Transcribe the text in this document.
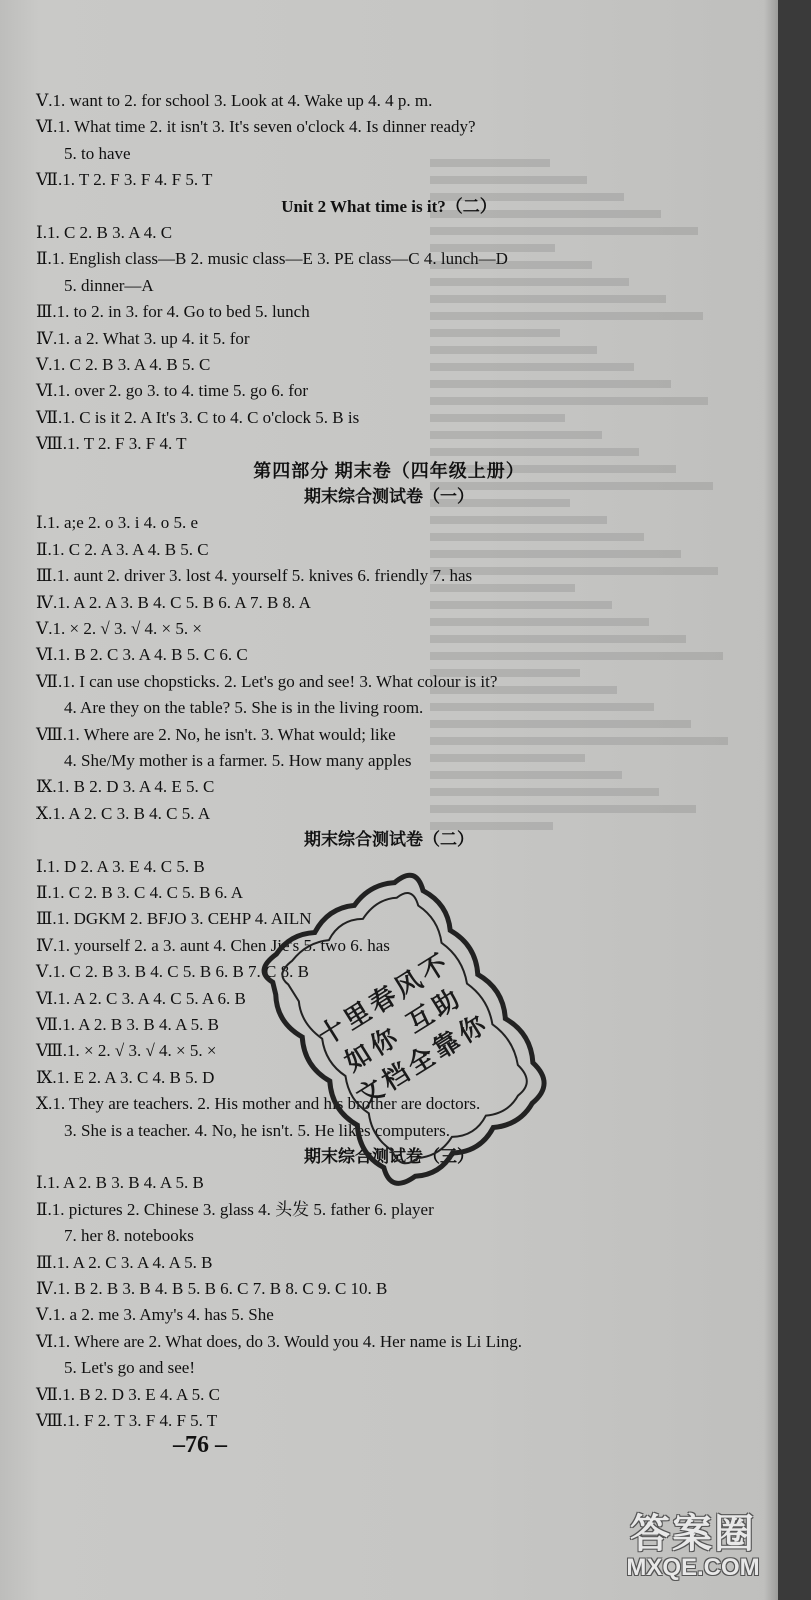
Ⅴ.1. want to 2. for school 3. Look at 4. Wake up 4. 4 p. m.
Ⅵ.1. What time 2. it isn't 3. It's seven o'clock 4. Is dinner ready?
5. to have
Ⅶ.1. T 2. F 3. F 4. F 5. T
Unit 2 What time is it?（二）
Ⅰ.1. C 2. B 3. A 4. C
Ⅱ.1. English class—B 2. music class—E 3. PE class—C 4. lunch—D
5. dinner—A
Ⅲ.1. to 2. in 3. for 4. Go to bed 5. lunch
Ⅳ.1. a 2. What 3. up 4. it 5. for
Ⅴ.1. C 2. B 3. A 4. B 5. C
Ⅵ.1. over 2. go 3. to 4. time 5. go 6. for
Ⅶ.1. C is it 2. A It's 3. C to 4. C o'clock 5. B is
Ⅷ.1. T 2. F 3. F 4. T
第四部分 期末卷（四年级上册）
期末综合测试卷（一）
Ⅰ.1. a;e 2. o 3. i 4. o 5. e
Ⅱ.1. C 2. A 3. A 4. B 5. C
Ⅲ.1. aunt 2. driver 3. lost 4. yourself 5. knives 6. friendly 7. has
Ⅳ.1. A 2. A 3. B 4. C 5. B 6. A 7. B 8. A
Ⅴ.1. × 2. √ 3. √ 4. × 5. ×
Ⅵ.1. B 2. C 3. A 4. B 5. C 6. C
Ⅶ.1. I can use chopsticks. 2. Let's go and see! 3. What colour is it?
4. Are they on the table? 5. She is in the living room.
Ⅷ.1. Where are 2. No, he isn't. 3. What would; like
4. She/My mother is a farmer. 5. How many apples
Ⅸ.1. B 2. D 3. A 4. E 5. C
Ⅹ.1. A 2. C 3. B 4. C 5. A
期末综合测试卷（二）
Ⅰ.1. D 2. A 3. E 4. C 5. B
Ⅱ.1. C 2. B 3. C 4. C 5. B 6. A
Ⅲ.1. DGKM 2. BFJO 3. CEHP 4. AILN
Ⅳ.1. yourself 2. a 3. aunt 4. Chen Jie's 5. two 6. has
Ⅴ.1. C 2. B 3. B 4. C 5. B 6. B 7. C 8. B
Ⅵ.1. A 2. C 3. A 4. C 5. A 6. B
Ⅶ.1. A 2. B 3. B 4. A 5. B
Ⅷ.1. × 2. √ 3. √ 4. × 5. ×
Ⅸ.1. E 2. A 3. C 4. B 5. D
Ⅹ.1. They are teachers. 2. His mother and his brother are doctors.
3. She is a teacher. 4. No, he isn't. 5. He likes computers.
期末综合测试卷（三）
Ⅰ.1. A 2. B 3. B 4. A 5. B
Ⅱ.1. pictures 2. Chinese 3. glass 4. 头发 5. father 6. player
7. her 8. notebooks
Ⅲ.1. A 2. C 3. A 4. A 5. B
Ⅳ.1. B 2. B 3. B 4. B 5. B 6. C 7. B 8. C 9. C 10. B
Ⅴ.1. a 2. me 3. Amy's 4. has 5. She
Ⅵ.1. Where are 2. What does, do 3. Would you 4. Her name is Li Ling.
5. Let's go and see!
Ⅶ.1. B 2. D 3. E 4. A 5. C
Ⅷ.1. F 2. T 3. F 4. F 5. T
–76 –
十里春风不如你 互助文档全靠你
答案圈
MXQE.COM
